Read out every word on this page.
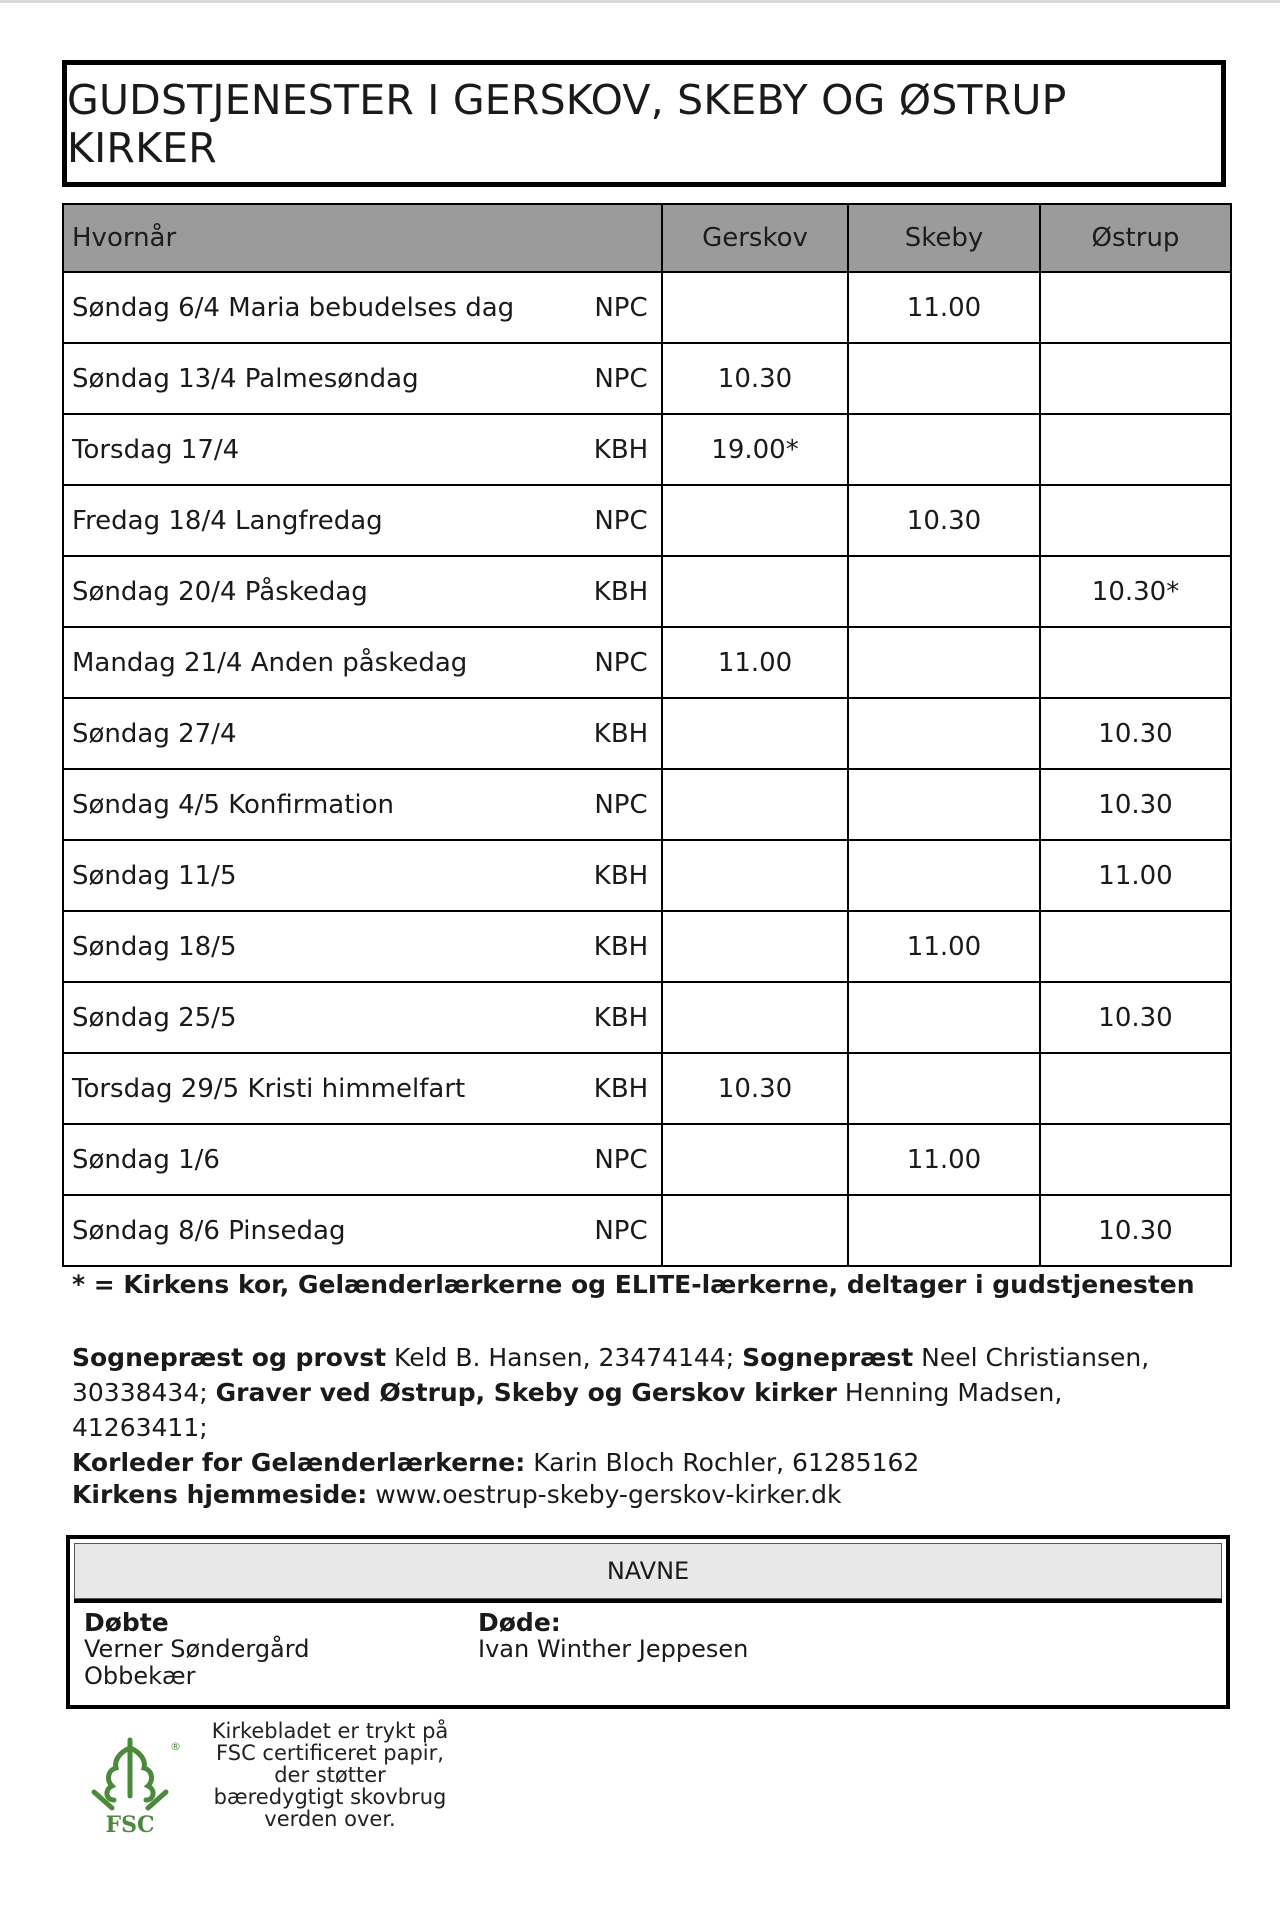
GUDSTJENESTER I GERSKOV, SKEBY OG ØSTRUP KIRKER
Hvornår	Gerskov	Skeby	Østrup

Søndag 6/4 Maria bebudelses dag NPC		11.00	

Søndag 13/4 Palmesøndag NPC	10.30		

Torsdag 17/4 KBH	19.00*		

Fredag 18/4 Langfredag NPC		10.30	

Søndag 20/4 Påskedag KBH			10.30*

Mandag 21/4 Anden påskedag NPC	11.00		

Søndag 27/4 KBH			10.30

Søndag 4/5 Konfirmation NPC			10.30

Søndag 11/5 KBH			11.00

Søndag 18/5 KBH		11.00	

Søndag 25/5 KBH			10.30

Torsdag 29/5 Kristi himmelfart KBH	10.30		

Søndag 1/6 NPC		11.00	

Søndag 8/6 Pinsedag NPC			10.30
* = Kirkens kor, Gelænderlærkerne og ELITE-lærkerne, deltager i gudstjenesten
Sognepræst og provst Keld B. Hansen, 23474144; Sognepræst Neel Christiansen, 30338434; Graver ved Østrup, Skeby og Gerskov kirker Henning Madsen, 41263411;
Korleder for Gelænderlærkerne: Karin Bloch Rochler, 61285162
Kirkens hjemmeside: www.oestrup-skeby-gerskov-kirker.dk
NAVNE
Døbte
Verner Søndergård Obbekær
Døde:
Ivan Winther Jeppesen
FSC
®
Kirkebladet er trykt på FSC certificeret papir, der støtter bæredygtigt skovbrug verden over.
